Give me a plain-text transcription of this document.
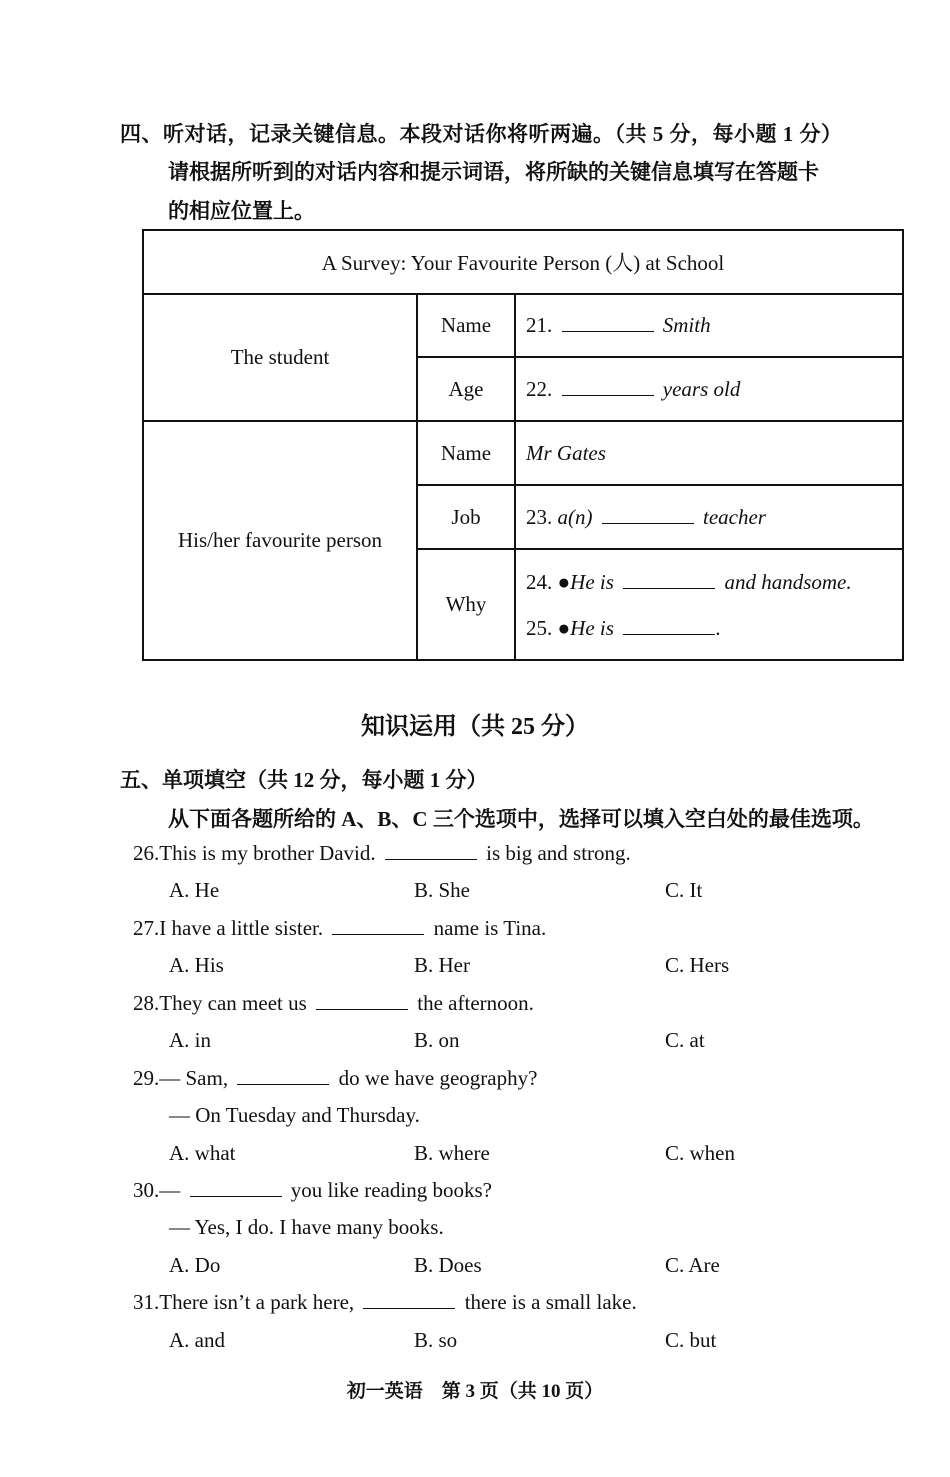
四、听对话，记录关键信息。本段对话你将听两遍。（共 5 分，每小题 1 分）
请根据所听到的对话内容和提示词语，将所缺的关键信息填写在答题卡
的相应位置上。
A Survey: Your Favourite Person (人) at School		
The student	Name	21. Smith
	Age	22. years old
His/her favourite person	Name	Mr Gates
	Job	23. a(n) teacher
	Why	24. ●He is and handsome.
25. ●He is .
知识运用（共 25 分）
五、单项填空（共 12 分，每小题 1 分）
从下面各题所给的 A、B、C 三个选项中，选择可以填入空白处的最佳选项。
26.This is my brother David.	is big and strong.
A. He	B. She	C. It
27.I have a little sister.	name is Tina.
A. His	B. Her	C. Hers
28.They can meet us	the afternoon.
A. in	B. on	C. at
29.— Sam,	do we have geography?
— On Tuesday and Thursday.
A. what	B. where	C. when
30.—	you like reading books?
— Yes, I do. I have many books.
A. Do	B. Does	C. Are
31.There isn’t a park here,	there is a small lake.
A. and	B. so	C. but
初一英语　第 3 页（共 10 页）
